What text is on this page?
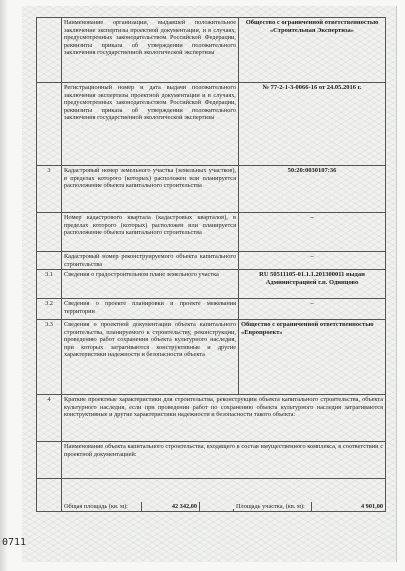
	Наименование организации, выдавшей положительное заключение экспертизы проектной документации, и в случаях, предусмотренных законодательством Российской Федерации, реквизиты приказа об утверждении положительного заключения государственной экологической экспертизы	Общество с ограниченной ответственностью «Строительная Экспертиза»
	Регистрационный номер и дата выдачи положительного заключения экспертизы проектной документации и в случаях, предусмотренных законодательством Российской Федерации, реквизиты приказа об утверждении положительного заключения государственной экологической экспертизы	№ 77-2-1-3-0066-16 от 24.05.2016 г.
3	Кадастровый номер земельного участка (земельных участков), в пределах которого (которых) расположен или планируется расположение объекта капитального строительства	50:20:0030107:36
	Номер кадастрового квартала (кадастровых кварталов), в пределах которого (которых) расположен или планируется расположение объекта капитального строительства	–
	Кадастровый номер реконструируемого объекта капитального строительства	–
3.1	Сведения о градостроительном плане земельного участка	RU 50511105-01.1.1.201300011 выдан Администрацией г.п. Одинцово
3.2	Сведения о проекте планировки и проекте межевания территории	–
3.3	Сведения о проектной документации объекта капитального строительства, планируемого к строительству, реконструкции, проведению работ сохранения объекта культурного наследия, при которых затрагиваются конструктивные и другие характеристики надежности и безопасности объекта	Общество с ограниченной ответственностью «Европроект»
4	Краткие проектные характеристики для строительства, реконструкции объекта капитального строительства, объекта культурного наследия, если при проведении работ по сохранению объекта культурного наследия затрагиваются конструктивные и другие характеристики надежности и безопасности такого объекта:	
	Наименование объекта капитального строительства, входящего в состав имущественного комплекса, в соответствии с проектной документацией:	

	Общая площадь (кв. м): 42 342,00 Площадь участка, (кв. м): 4 901,00	
0711
